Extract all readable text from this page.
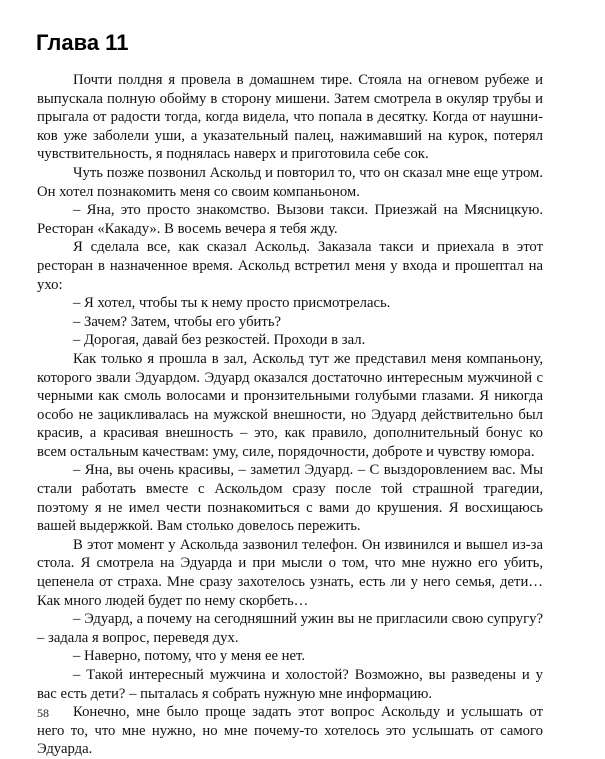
Глава 11

Почти полдня я провела в домашнем тире. Стояла на огневом рубеже и выпускала полную обойму в сторону мишени. Затем смотрела в окуляр трубы и прыгала от радости тогда, когда видела, что попала в десятку. Когда от наушников уже заболели уши, а указательный палец, нажимавший на курок, потерял чувствительность, я поднялась наверх и приготовила себе сок.

Чуть позже позвонил Аскольд и повторил то, что он сказал мне еще утром. Он хотел познакомить меня со своим компаньоном.

– Яна, это просто знакомство. Вызови такси. Приезжай на Мясницкую. Ресторан «Какаду». В восемь вечера я тебя жду.

Я сделала все, как сказал Аскольд. Заказала такси и приехала в этот ресторан в назначенное время. Аскольд встретил меня у входа и прошептал на ухо:

– Я хотел, чтобы ты к нему просто присмотрелась.

– Зачем? Затем, чтобы его убить?

– Дорогая, давай без резкостей. Проходи в зал.

Как только я прошла в зал, Аскольд тут же представил меня компаньону, которого звали Эдуардом. Эдуард оказался достаточно интересным мужчиной с черными как смоль волосами и пронзительными голубыми глазами. Я никогда особо не зацикливалась на мужской внешности, но Эдуард действительно был красив, а красивая внешность – это, как правило, дополнительный бонус ко всем остальным качествам: уму, силе, порядочности, доброте и чувству юмора.

– Яна, вы очень красивы, – заметил Эдуард. – С выздоровлением вас. Мы стали работать вместе с Аскольдом сразу после той страшной трагедии, поэтому я не имел чести познакомиться с вами до крушения. Я восхищаюсь вашей выдержкой. Вам столько довелось пережить.

В этот момент у Аскольда зазвонил телефон. Он извинился и вышел из-за стола. Я смотрела на Эдуарда и при мысли о том, что мне нужно его убить, цепенела от страха. Мне сразу захотелось узнать, есть ли у него семья, дети… Как много людей будет по нему скорбеть…

– Эдуард, а почему на сегодняшний ужин вы не пригласили свою супругу? – задала я вопрос, переведя дух.

– Наверно, потому, что у меня ее нет.

– Такой интересный мужчина и холостой? Возможно, вы разведены и у вас есть дети? – пыталась я собрать нужную мне информацию.

Конечно, мне было проще задать этот вопрос Аскольду и услышать от него то, что мне нужно, но мне почему-то хотелось это услышать от самого Эдуарда.

58
